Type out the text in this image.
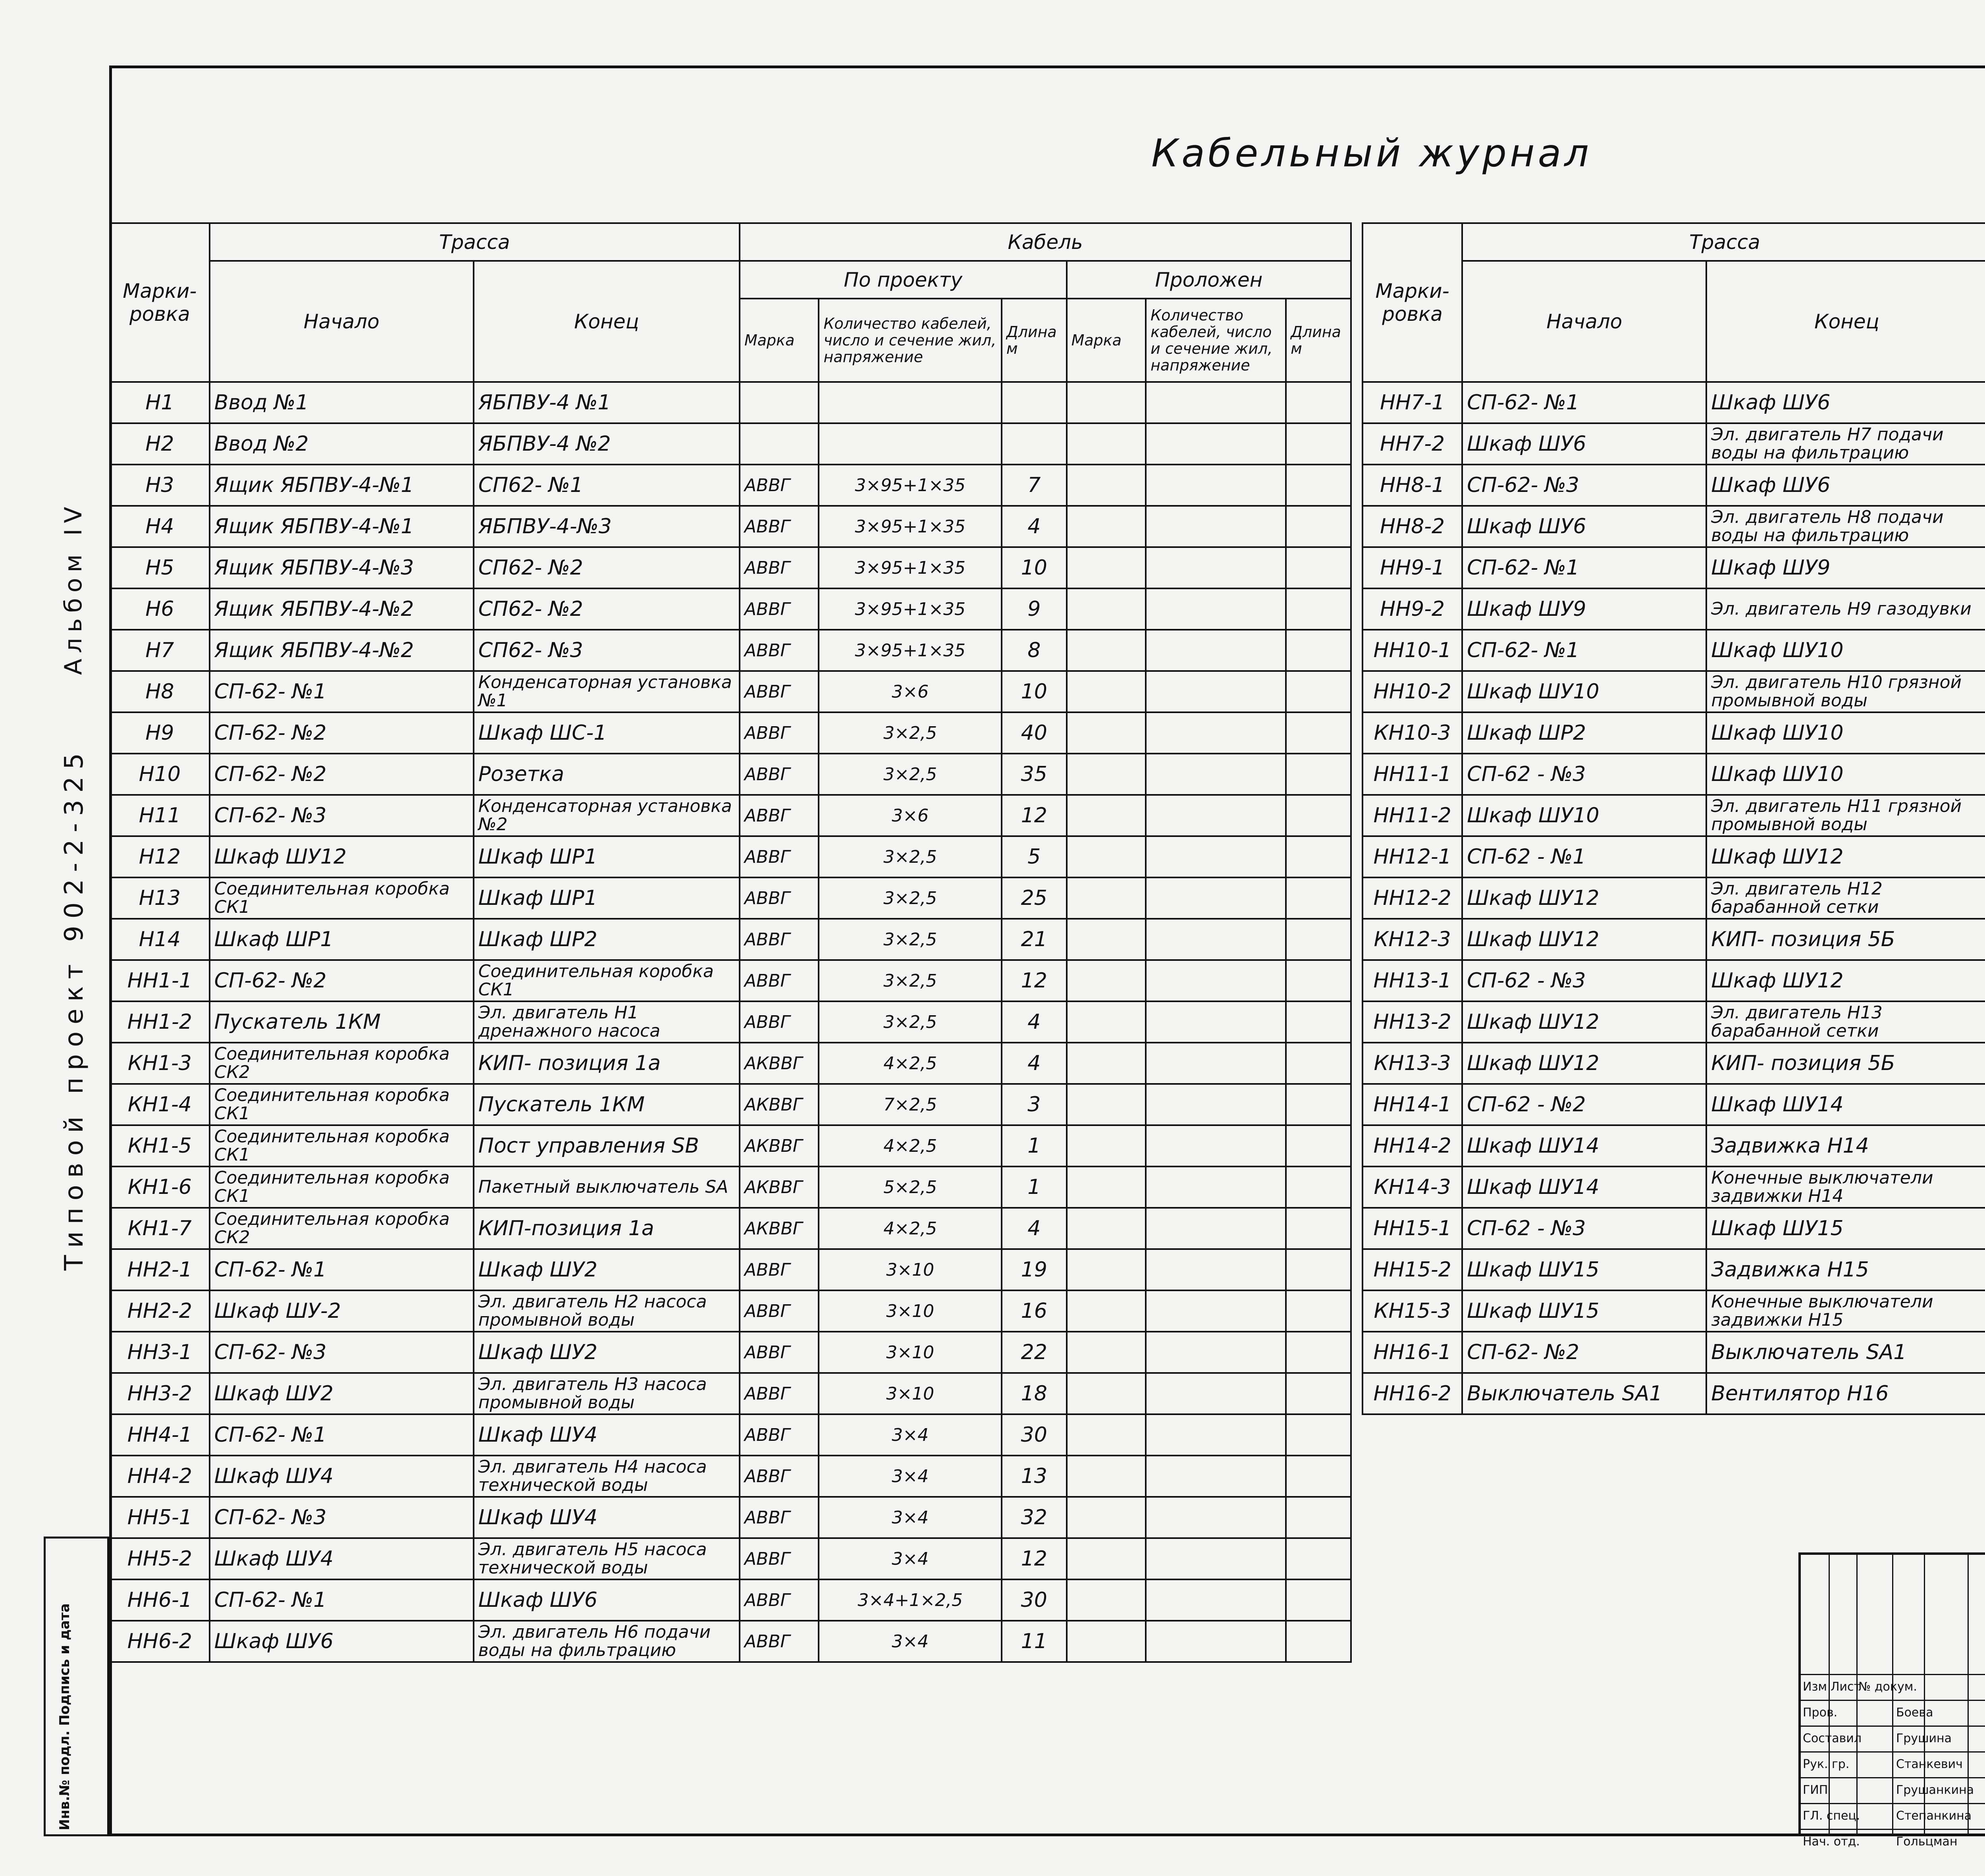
Кабельный журнал
Типовой проект 902-2-325
Альбом IV
Инв.№ подл. Подпись и дата
Марки-ровка	Трасса		Кабель					
	Начало	Конец	По проекту			Проложен		
			Марка	Количество кабелей, число и сечение жил, напряжение	Длина м	Марка	Количество кабелей, число и сечение жил, напряжение	Длина м
Н1	Ввод №1	ЯБПВУ-4 №1						
Н2	Ввод №2	ЯБПВУ-4 №2						
Н3	Ящик ЯБПВУ-4-№1	СП62- №1	АВВГ	3×95+1×35	7			
Н4	Ящик ЯБПВУ-4-№1	ЯБПВУ-4-№3	АВВГ	3×95+1×35	4			
Н5	Ящик ЯБПВУ-4-№3	СП62- №2	АВВГ	3×95+1×35	10			
Н6	Ящик ЯБПВУ-4-№2	СП62- №2	АВВГ	3×95+1×35	9			
Н7	Ящик ЯБПВУ-4-№2	СП62- №3	АВВГ	3×95+1×35	8			
Н8	СП-62- №1	Конденсаторная установка №1	АВВГ	3×6	10			
Н9	СП-62- №2	Шкаф ШС-1	АВВГ	3×2,5	40			
Н10	СП-62- №2	Розетка	АВВГ	3×2,5	35			
Н11	СП-62- №3	Конденсаторная установка №2	АВВГ	3×6	12			
Н12	Шкаф ШУ12	Шкаф ШР1	АВВГ	3×2,5	5			
Н13	Соединительная коробка СК1	Шкаф ШР1	АВВГ	3×2,5	25			
Н14	Шкаф ШР1	Шкаф ШР2	АВВГ	3×2,5	21			
НН1-1	СП-62- №2	Соединительная коробка СК1	АВВГ	3×2,5	12			
НН1-2	Пускатель 1КМ	Эл. двигатель Н1 дренажного насоса	АВВГ	3×2,5	4			
КН1-3	Соединительная коробка СК2	КИП- позиция 1а	АКВВГ	4×2,5	4			
КН1-4	Соединительная коробка СК1	Пускатель 1КМ	АКВВГ	7×2,5	3			
КН1-5	Соединительная коробка СК1	Пост управления SB	АКВВГ	4×2,5	1			
КН1-6	Соединительная коробка СК1	Пакетный выключатель SA	АКВВГ	5×2,5	1			
КН1-7	Соединительная коробка СК2	КИП-позиция 1а	АКВВГ	4×2,5	4			
НН2-1	СП-62- №1	Шкаф ШУ2	АВВГ	3×10	19			
НН2-2	Шкаф ШУ-2	Эл. двигатель Н2 насоса промывной воды	АВВГ	3×10	16			
НН3-1	СП-62- №3	Шкаф ШУ2	АВВГ	3×10	22			
НН3-2	Шкаф ШУ2	Эл. двигатель Н3 насоса промывной воды	АВВГ	3×10	18			
НН4-1	СП-62- №1	Шкаф ШУ4	АВВГ	3×4	30			
НН4-2	Шкаф ШУ4	Эл. двигатель Н4 насоса технической воды	АВВГ	3×4	13			
НН5-1	СП-62- №3	Шкаф ШУ4	АВВГ	3×4	32			
НН5-2	Шкаф ШУ4	Эл. двигатель Н5 насоса технической воды	АВВГ	3×4	12			
НН6-1	СП-62- №1	Шкаф ШУ6	АВВГ	3×4+1×2,5	30			
НН6-2	Шкаф ШУ6	Эл. двигатель Н6 подачи воды на фильтрацию	АВВГ	3×4	11			
Марки-ровка	Трасса	
	Начало	Конец		

НН7-1	СП-62- №1	Шкаф ШУ6						
НН7-2	Шкаф ШУ6	Эл. двигатель Н7 подачи воды на фильтрацию						
НН8-1	СП-62- №3	Шкаф ШУ6						
НН8-2	Шкаф ШУ6	Эл. двигатель Н8 подачи воды на фильтрацию						
НН9-1	СП-62- №1	Шкаф ШУ9						
НН9-2	Шкаф ШУ9	Эл. двигатель Н9 газодувки						
НН10-1	СП-62- №1	Шкаф ШУ10						
НН10-2	Шкаф ШУ10	Эл. двигатель Н10 грязной промывной воды						
КН10-3	Шкаф ШР2	Шкаф ШУ10						
НН11-1	СП-62 - №3	Шкаф ШУ10						
НН11-2	Шкаф ШУ10	Эл. двигатель Н11 грязной промывной воды						
НН12-1	СП-62 - №1	Шкаф ШУ12						
НН12-2	Шкаф ШУ12	Эл. двигатель Н12 барабанной сетки						
КН12-3	Шкаф ШУ12	КИП- позиция 5Б						
НН13-1	СП-62 - №3	Шкаф ШУ12						
НН13-2	Шкаф ШУ12	Эл. двигатель Н13 барабанной сетки						
КН13-3	Шкаф ШУ12	КИП- позиция 5Б						
НН14-1	СП-62 - №2	Шкаф ШУ14						
НН14-2	Шкаф ШУ14	Задвижка Н14						
КН14-3	Шкаф ШУ14	Конечные выключатели задвижки Н14						
НН15-1	СП-62 - №3	Шкаф ШУ15						
НН15-2	Шкаф ШУ15	Задвижка Н15						
КН15-3	Шкаф ШУ15	Конечные выключатели задвижки Н15						
НН16-1	СП-62- №2	Выключатель SA1						
НН16-2	Выключатель SA1	Вентилятор Н16						
Изм Лист
№ докум.
Пров.	Боева
Составил	Грушина
Рук. гр.	Станкевич
ГИП	Грушанкина
ГЛ. спец.	Степанкина
Нач. отд.	Гольцман
